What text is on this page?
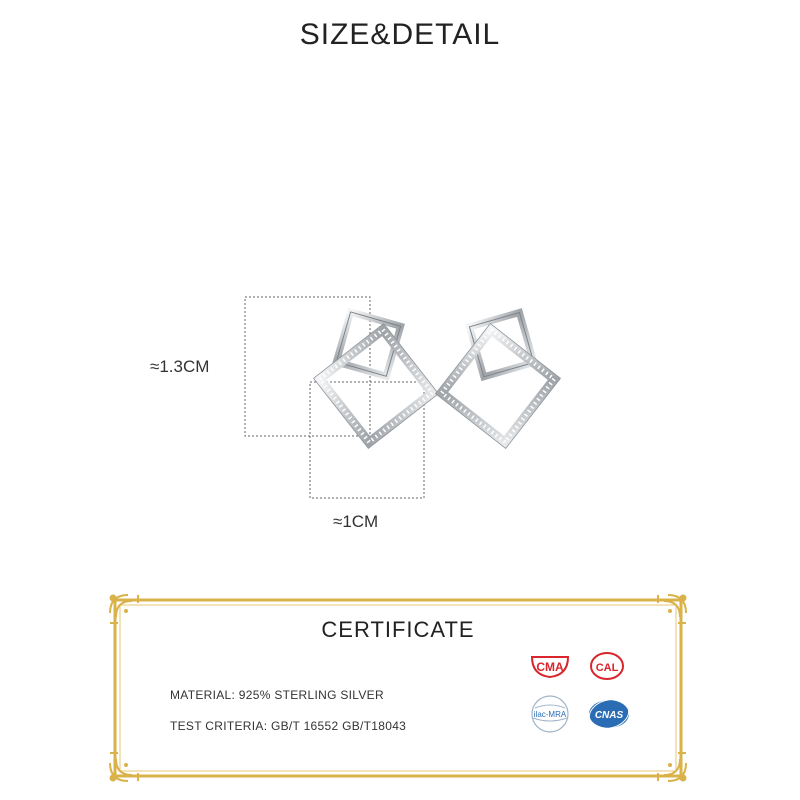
SIZE&DETAIL
≈1.3CM
≈1CM
CERTIFICATE
MATERIAL: 925% STERLING SILVER
TEST CRITERIA: GB/T 16552 GB/T18043
CMA	CAL
ilac-MRA	CNAS
